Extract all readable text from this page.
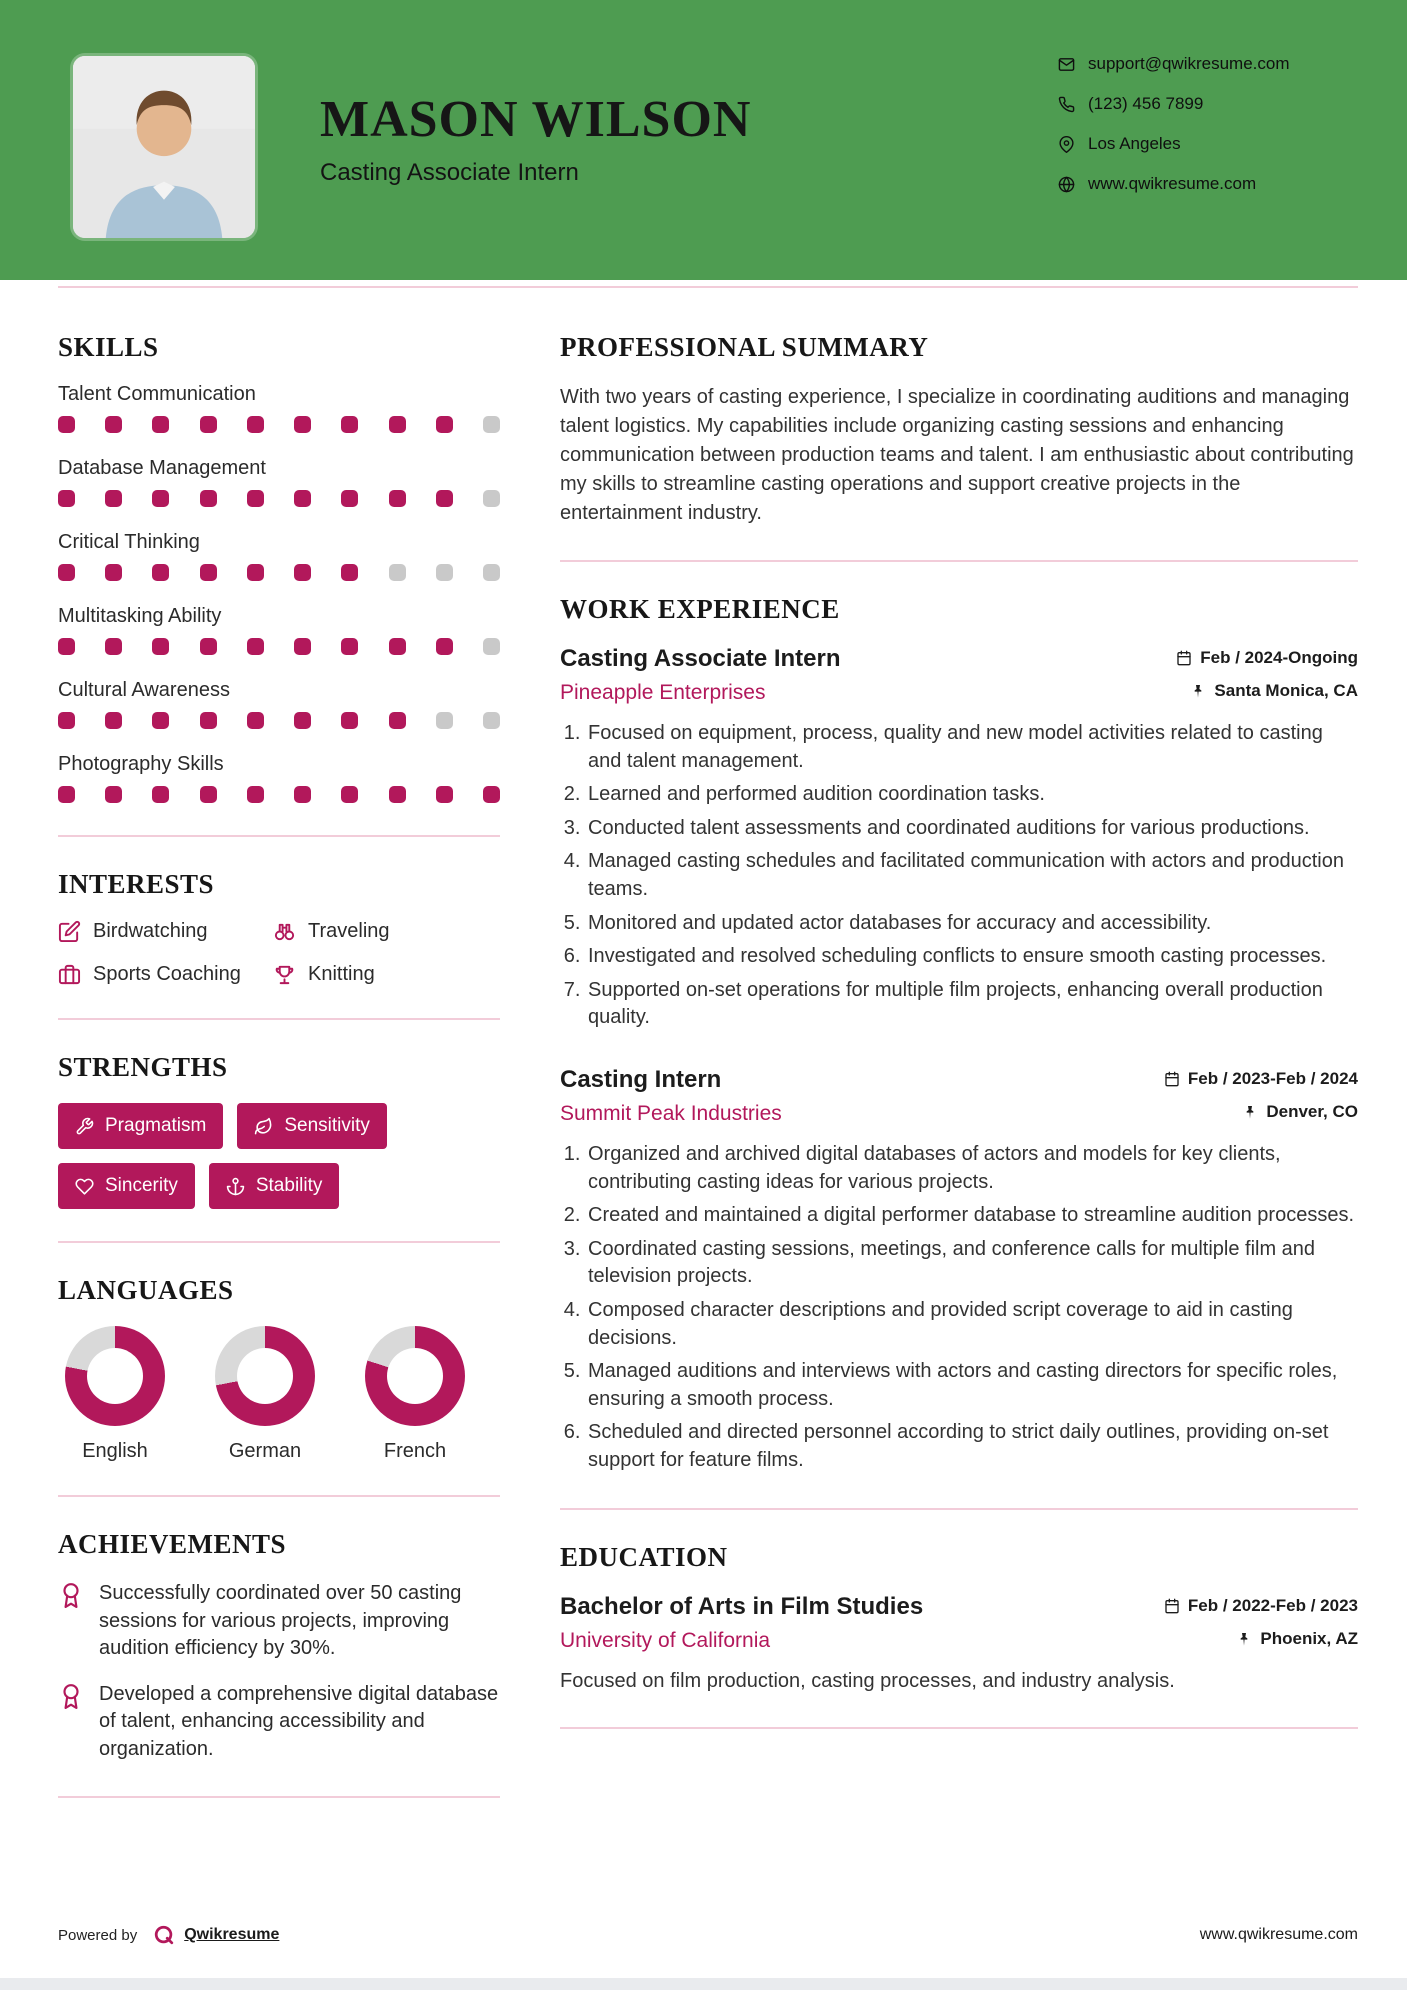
MASON WILSON
Casting Associate Intern
support@qwikresume.com
(123) 456 7899
Los Angeles
www.qwikresume.com
SKILLS
Talent Communication
Database Management
Critical Thinking
Multitasking Ability
Cultural Awareness
Photography Skills
INTERESTS
Birdwatching	Traveling
Sports Coaching	Knitting
STRENGTHS
Pragmatism	Sensitivity
Sincerity	Stability
LANGUAGES
English	German	French
ACHIEVEMENTS
Successfully coordinated over 50 casting sessions for various projects, improving audition efficiency by 30%.
Developed a comprehensive digital database of talent, enhancing accessibility and organization.
PROFESSIONAL SUMMARY

With two years of casting experience, I specialize in coordinating auditions and managing talent logistics. My capabilities include organizing casting sessions and enhancing communication between production teams and talent. I am enthusiastic about contributing my skills to streamline casting operations and support creative projects in the entertainment industry.

WORK EXPERIENCE
Casting Associate Intern	Feb / 2024-Ongoing
Pineapple Enterprises	Santa Monica, CA
1. Focused on equipment, process, quality and new model activities related to casting and talent management.
2. Learned and performed audition coordination tasks.
3. Conducted talent assessments and coordinated auditions for various productions.
4. Managed casting schedules and facilitated communication with actors and production teams.
5. Monitored and updated actor databases for accuracy and accessibility.
6. Investigated and resolved scheduling conflicts to ensure smooth casting processes.
7. Supported on-set operations for multiple film projects, enhancing overall production quality.
Casting Intern	Feb / 2023-Feb / 2024
Summit Peak Industries	Denver, CO
1. Organized and archived digital databases of actors and models for key clients, contributing casting ideas for various projects.
2. Created and maintained a digital performer database to streamline audition processes.
3. Coordinated casting sessions, meetings, and conference calls for multiple film and television projects.
4. Composed character descriptions and provided script coverage to aid in casting decisions.
5. Managed auditions and interviews with actors and casting directors for specific roles, ensuring a smooth process.
6. Scheduled and directed personnel according to strict daily outlines, providing on-set support for feature films.
EDUCATION
Bachelor of Arts in Film Studies	Feb / 2022-Feb / 2023
University of California	Phoenix, AZ

Focused on film production, casting processes, and industry analysis.

Powered by	Qwikresume	www.qwikresume.com
